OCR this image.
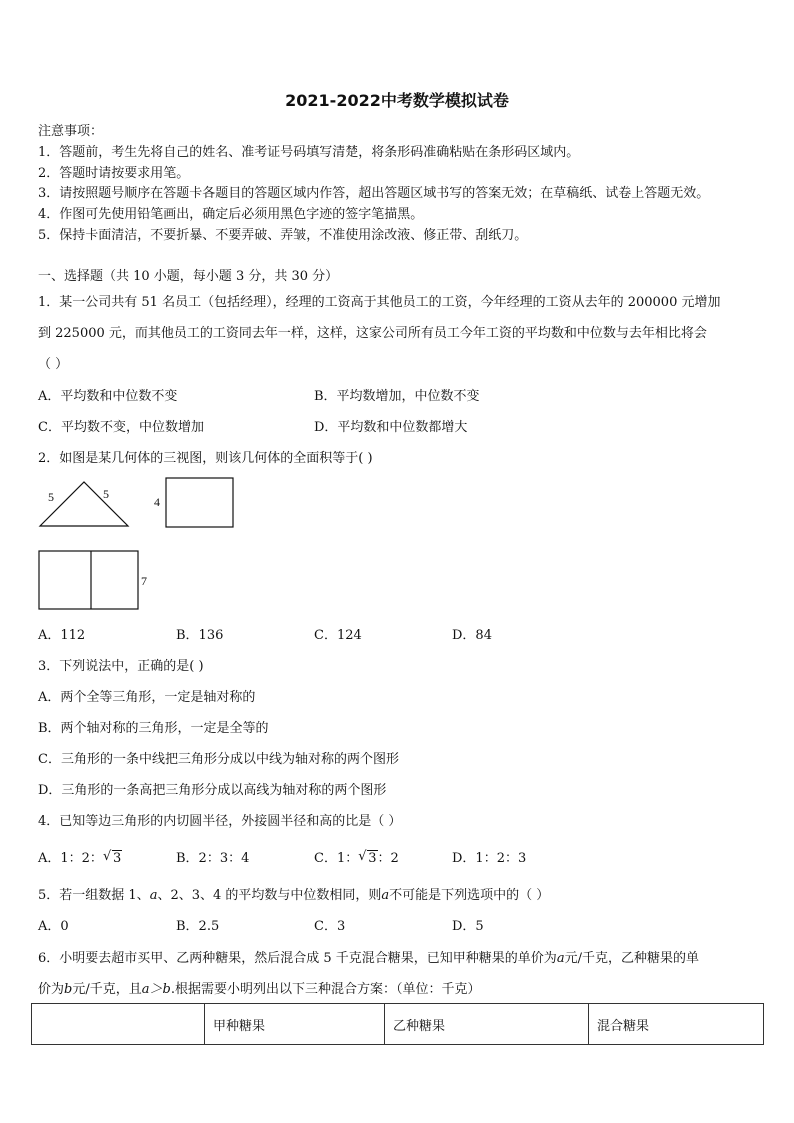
2021-2022中考数学模拟试卷
注意事项：
1．答题前，考生先将自己的姓名、准考证号码填写清楚，将条形码准确粘贴在条形码区域内。
2．答题时请按要求用笔。
3．请按照题号顺序在答题卡各题目的答题区域内作答，超出答题区域书写的答案无效；在草稿纸、试卷上答题无效。
4．作图可先使用铅笔画出，确定后必须用黑色字迹的签字笔描黑。
5．保持卡面清洁，不要折暴、不要弄破、弄皱，不准使用涂改液、修正带、刮纸刀。
一、选择题（共 10 小题，每小题 3 分，共 30 分）
1．某一公司共有 51 名员工（包括经理），经理的工资高于其他员工的工资，今年经理的工资从去年的 200000 元增加
到 225000 元，而其他员工的工资同去年一样，这样，这家公司所有员工今年工资的平均数和中位数与去年相比将会
（ ）
A．平均数和中位数不变	B．平均数增加，中位数不变
C．平均数不变，中位数增加	D．平均数和中位数都增大
2．如图是某几何体的三视图，则该几何体的全面积等于( )
5	5
4
7
A．112	B．136	C．124	D．84
3．下列说法中，正确的是( )
A．两个全等三角形，一定是轴对称的
B．两个轴对称的三角形，一定是全等的
C．三角形的一条中线把三角形分成以中线为轴对称的两个图形
D．三角形的一条高把三角形分成以高线为轴对称的两个图形
4．已知等边三角形的内切圆半径，外接圆半径和高的比是（ ）
A．1：2： √ 3	B．2：3：4	C．1： √ 3：2	D．1：2：3
5．若一组数据 1、a、2、3、4 的平均数与中位数相同，则a不可能是下列选项中的（ ）
A．0	B．2.5	C．3	D．5
6．小明要去超市买甲、乙两种糖果，然后混合成 5 千克混合糖果，已知甲种糖果的单价为a元/千克，乙种糖果的单
价为b元/千克，且a＞b.根据需要小明列出以下三种混合方案：（单位：千克）
	甲种糖果	乙种糖果	混合糖果
